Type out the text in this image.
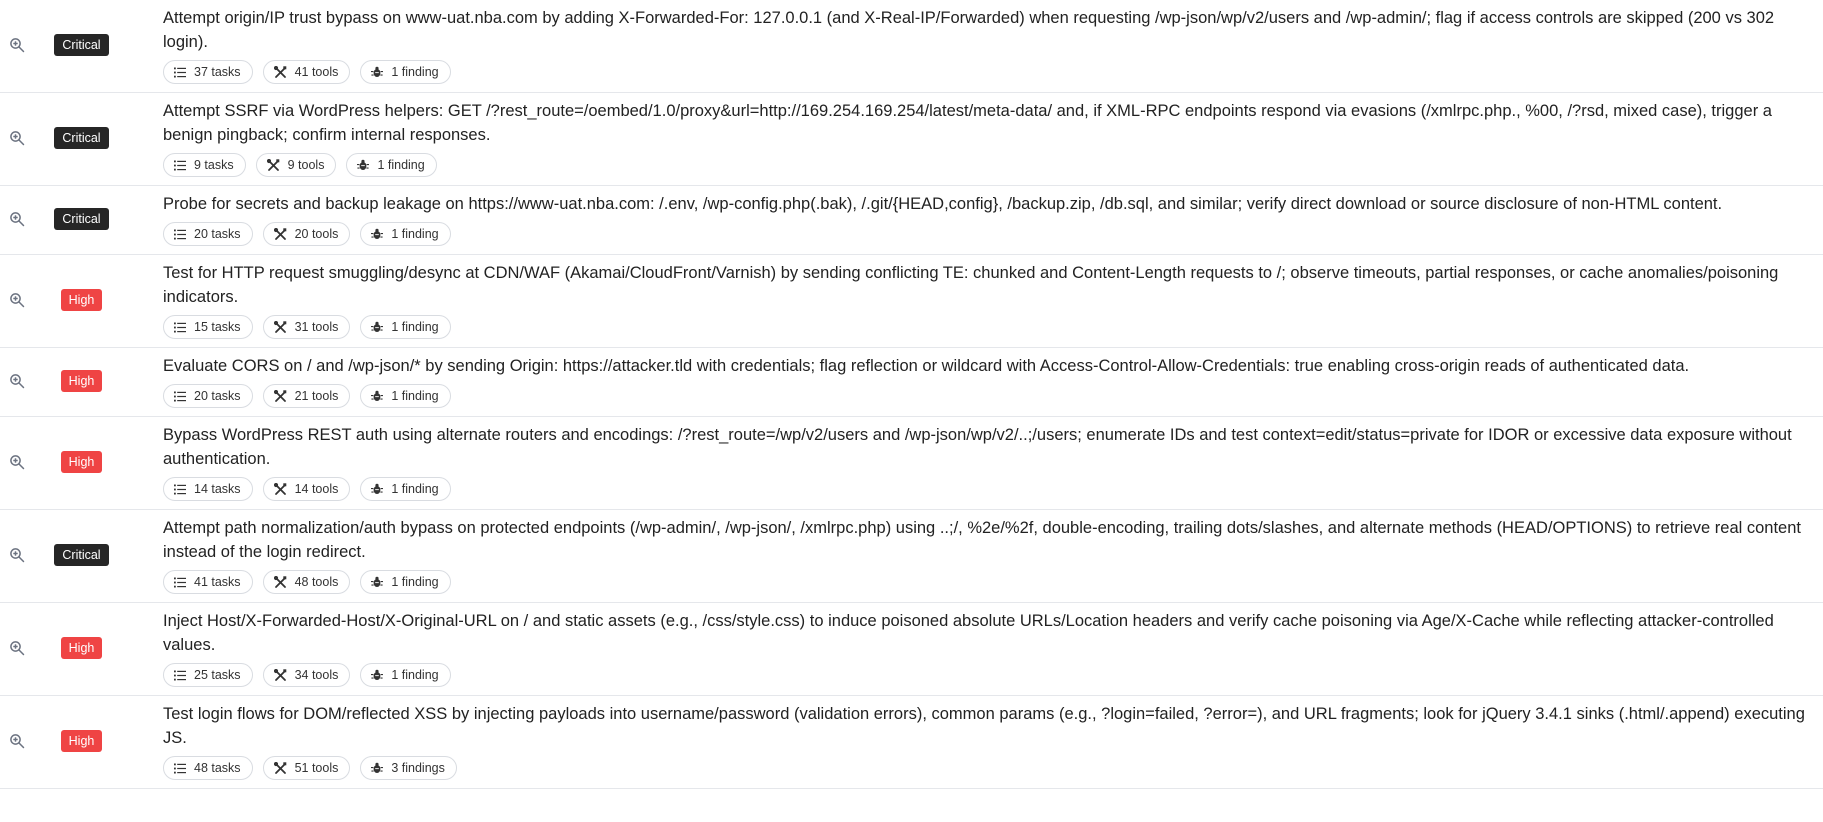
Critical

Attempt origin/IP trust bypass on www-uat.nba.com by adding X-Forwarded-For: 127.0.0.1 (and X-Real-IP/Forwarded) when requesting /wp-json/wp/v2/users and /wp-admin/; flag if access controls are skipped (200 vs 302 login).

37 tasks	41 tools	1 finding
Critical

Attempt SSRF via WordPress helpers: GET /?rest_route=/oembed/1.0/proxy&url=http://169.254.169.254/latest/meta-data/ and, if XML-RPC endpoints respond via evasions (/xmlrpc.php., %00, /?rsd, mixed case), trigger a benign pingback; confirm internal responses.

9 tasks	9 tools	1 finding
Critical

Probe for secrets and backup leakage on https://www-uat.nba.com: /.env, /wp-config.php(.bak), /.git/{HEAD,config}, /backup.zip, /db.sql, and similar; verify direct download or source disclosure of non-HTML content.

20 tasks	20 tools	1 finding
High

Test for HTTP request smuggling/desync at CDN/WAF (Akamai/CloudFront/Varnish) by sending conflicting TE: chunked and Content-Length requests to /; observe timeouts, partial responses, or cache anomalies/poisoning indicators.

15 tasks	31 tools	1 finding
High

Evaluate CORS on / and /wp-json/* by sending Origin: https://attacker.tld with credentials; flag reflection or wildcard with Access-Control-Allow-Credentials: true enabling cross-origin reads of authenticated data.

20 tasks	21 tools	1 finding
High

Bypass WordPress REST auth using alternate routers and encodings: /?rest_route=/wp/v2/users and /wp-json/wp/v2/..;/users; enumerate IDs and test context=edit/status=private for IDOR or excessive data exposure without authentication.

14 tasks	14 tools	1 finding
Critical

Attempt path normalization/auth bypass on protected endpoints (/wp-admin/, /wp-json/, /xmlrpc.php) using ..;/, %2e/%2f, double-encoding, trailing dots/slashes, and alternate methods (HEAD/OPTIONS) to retrieve real content instead of the login redirect.

41 tasks	48 tools	1 finding
High

Inject Host/X-Forwarded-Host/X-Original-URL on / and static assets (e.g., /css/style.css) to induce poisoned absolute URLs/Location headers and verify cache poisoning via Age/X-Cache while reflecting attacker-controlled values.

25 tasks	34 tools	1 finding
High

Test login flows for DOM/reflected XSS by injecting payloads into username/password (validation errors), common params (e.g., ?login=failed, ?error=), and URL fragments; look for jQuery 3.4.1 sinks (.html/.append) executing JS.

48 tasks	51 tools	3 findings
